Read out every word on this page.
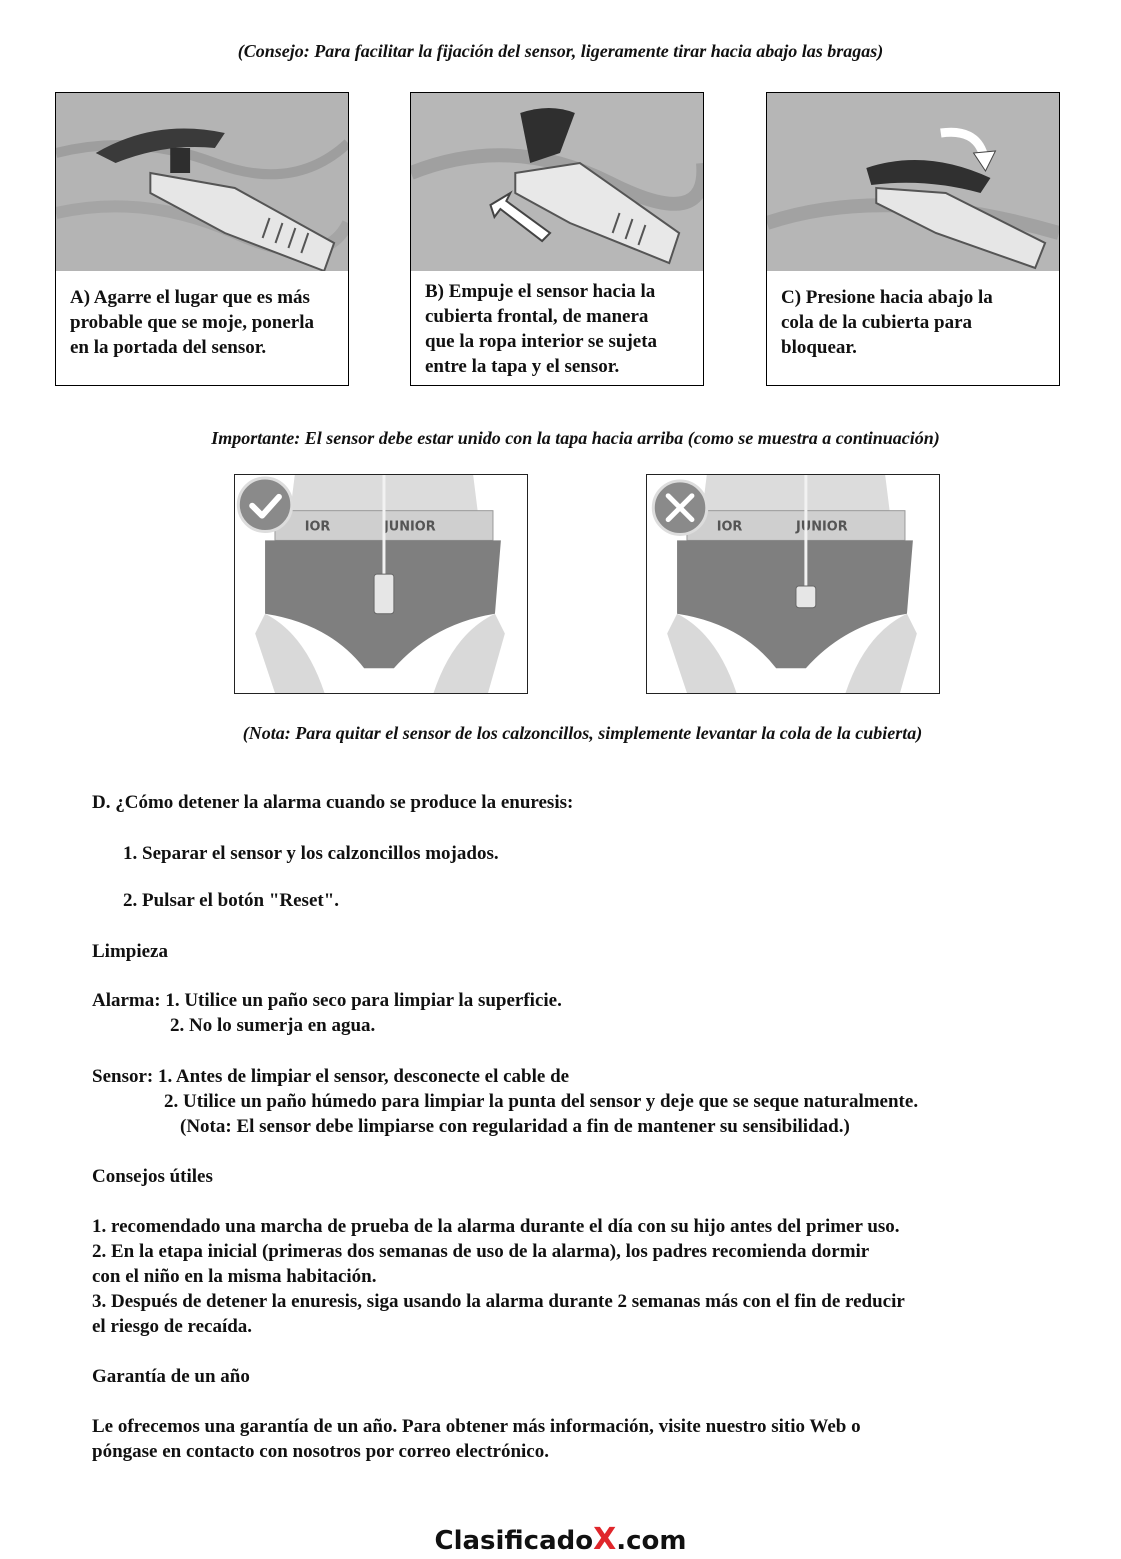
(Consejo: Para facilitar la fijación del sensor, ligeramente tirar hacia abajo las bragas)
A) Agarre el lugar que es más
probable que se moje, ponerla
en la portada del sensor.
B) Empuje el sensor hacia la
cubierta frontal, de manera
que la ropa interior se sujeta
entre la tapa y el sensor.
C) Presione hacia abajo la
cola de la cubierta para
bloquear.
Importante: El sensor debe estar unido con la tapa hacia arriba (como se muestra a continuación)
IOR	JUNIOR	IOR	JUNIOR
(Nota: Para quitar el sensor de los calzoncillos, simplemente levantar la cola de la cubierta)
D. ¿Cómo detener la alarma cuando se produce la enuresis:
1. Separar el sensor y los calzoncillos mojados.
2. Pulsar el botón "Reset".
Limpieza
Alarma: 1. Utilice un paño seco para limpiar la superficie.
2. No lo sumerja en agua.
Sensor: 1. Antes de limpiar el sensor, desconecte el cable de
2. Utilice un paño húmedo para limpiar la punta del sensor y deje que se seque naturalmente.
(Nota: El sensor debe limpiarse con regularidad a fin de mantener su sensibilidad.)
Consejos útiles
1. recomendado una marcha de prueba de la alarma durante el día con su hijo antes del primer uso.
2. En la etapa inicial (primeras dos semanas de uso de la alarma), los padres recomienda dormir
con el niño en la misma habitación.
3. Después de detener la enuresis, siga usando la alarma durante 2 semanas más con el fin de reducir
el riesgo de recaída.
Garantía de un año
Le ofrecemos una garantía de un año. Para obtener más información, visite nuestro sitio Web o
póngase en contacto con nosotros por correo electrónico.
ClasificadoX.com
